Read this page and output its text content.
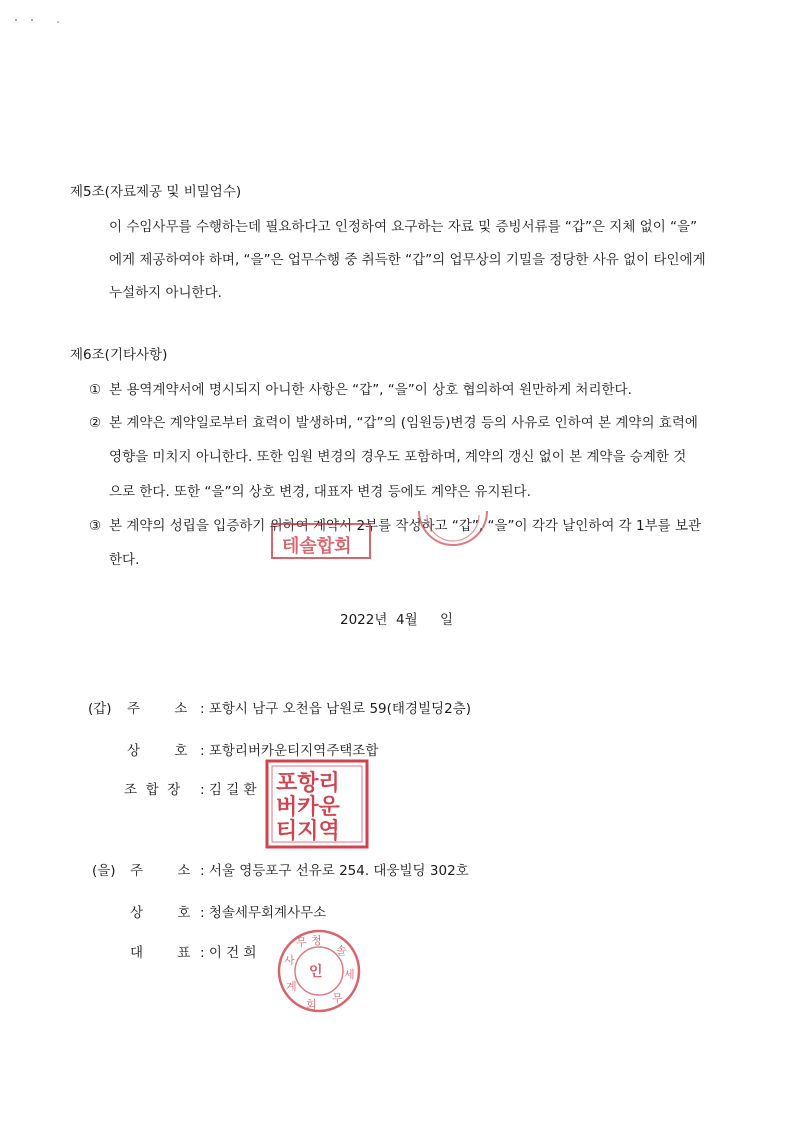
제5조(자료제공 및 비밀엄수)
이 수임사무를 수행하는데 필요하다고 인정하여 요구하는 자료 및 증빙서류를 “갑”은 지체 없이 “을”
에게 제공하여야 하며, “을”은 업무수행 중 취득한 “갑”의 업무상의 기밀을 정당한 사유 없이 타인에게
누설하지 아니한다.
제6조(기타사항)
① 본 용역계약서에 명시되지 아니한 사항은 “갑”, “을”이 상호 협의하여 원만하게 처리한다.
② 본 계약은 계약일로부터 효력이 발생하며, “갑”의 (임원등)변경 등의 사유로 인하여 본 계약의 효력에
영향을 미치지 아니한다. 또한 임원 변경의 경우도 포함하며, 계약의 갱신 없이 본 계약을 승계한 것
으로 한다. 또한 “을”의 상호 변경, 대표자 변경 등에도 계약은 유지된다.
③ 본 계약의 성립을 입증하기 위하여 계약서 2부를 작성하고 “갑”, “을”이 각각 날인하여 각 1부를 보관
한다.
테솔합회
2022년 4월 일
(갑) 주        소 : 포항시 남구 오천읍 남원로 59(태경빌딩2층)
상        호 : 포항리버카운티지역주택조합
조  합  장 : 김 길 환 포항리
버카운
티지역
(을) 주        소 : 서울 영등포구 선유로 254. 대웅빌딩 302호
상        호 : 청솔세무회계사무소
대        표 : 이 건 희
청
솔
세
무
회
계
사
무
인
